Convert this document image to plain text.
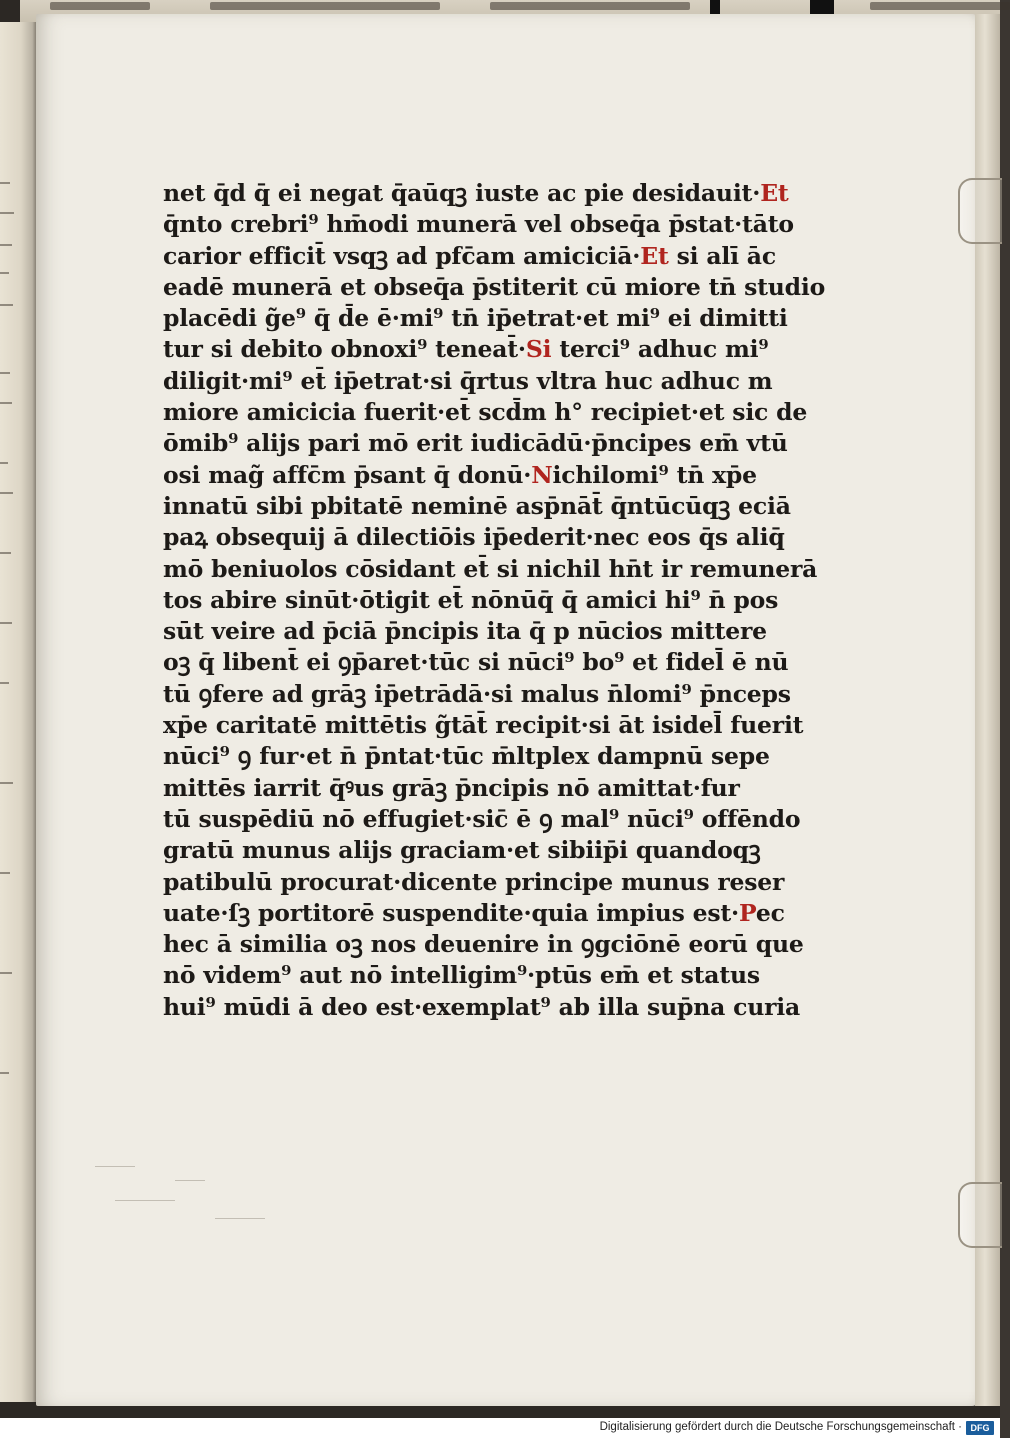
net q̄d q̄ ei negat q̄aūqꝫ iuste ac pie desidauit·Et
q̄nto crebri⁹ hm̄odi munerā vel obseq̄a p̄stat·tāto
carior efficit̄ vsqꝫ ad pfc̄am amiciciā·Et si alī āc
eadē munerā et obseq̄a p̄stiterit cū miore tn̄ studio
placēdi g̃e⁹ q̄ d̄e ē·mi⁹ tn̄ ip̄etrat·et mi⁹ ei dimitti
tur si debito obnoxi⁹ teneat̄·Si terci⁹ adhuc mi⁹
diligit·mi⁹ et̄ ip̄etrat·si q̄rtus vltra huc adhuc m
miore amicicia fuerit·et̄ scd̄m h° recipiet·et sic de
ōmib⁹ alijs pari mō erit iudicādū·p̄ncipes em̄ vtū
osi mag̃ affc̄m p̄sant q̄ donū·Nichilomi⁹ tn̄ xp̄e
innatū sibi pbitatē neminē asp̄nāt̄ q̄ntūcūqꝫ eciā
paꝝ obsequij ā dilectiōis ip̄ederit·nec eos q̄s aliq̄
mō beniuolos cōsidant et̄ si nichil hn̄t ir remunerā
tos abire sinūt·ōtigit et̄ nōnūq̄ q̄ amici hi⁹ n̄ pos
sūt veire ad p̄ciā p̄ncipis ita q̄ p nūcios mittere
oꝫ q̄ libent̄ ei ꝯp̄aret·tūc si nūci⁹ bo⁹ et fidel̄ ē nū
tū ꝯfere ad grāꝫ ip̄etrādā·si malus n̄lomi⁹ p̄nceps
xp̄e caritatē mittētis g̃tāt̄ recipit·si āt isidel̄ fuerit
nūci⁹ ꝯ fur·et n̄ p̄ntat·tūc m̄ltplex dampnū sepe
mittēs iarrit q̄ꝰus grāꝫ p̄ncipis nō amittat·fur
tū suspēdiū nō effugiet·sic̄ ē ꝯ mal⁹ nūci⁹ offēndo
gratū munus alijs graciam·et sibiip̄i quandoqꝫ
patibulū procurat·dicente principe munus reser
uate·ſꝫ portitorē suspendite·quia impius est·Pec
hec ā similia oꝫ nos deuenire in ꝯgciōnē eorū que
nō videm⁹ aut nō intelligim⁹·ptūs em̄ et status
hui⁹ mūdi ā deo est·exemplat⁹ ab illa sup̄na curia
Digitalisierung gefördert durch die Deutsche Forschungsgemeinschaft · DFG
